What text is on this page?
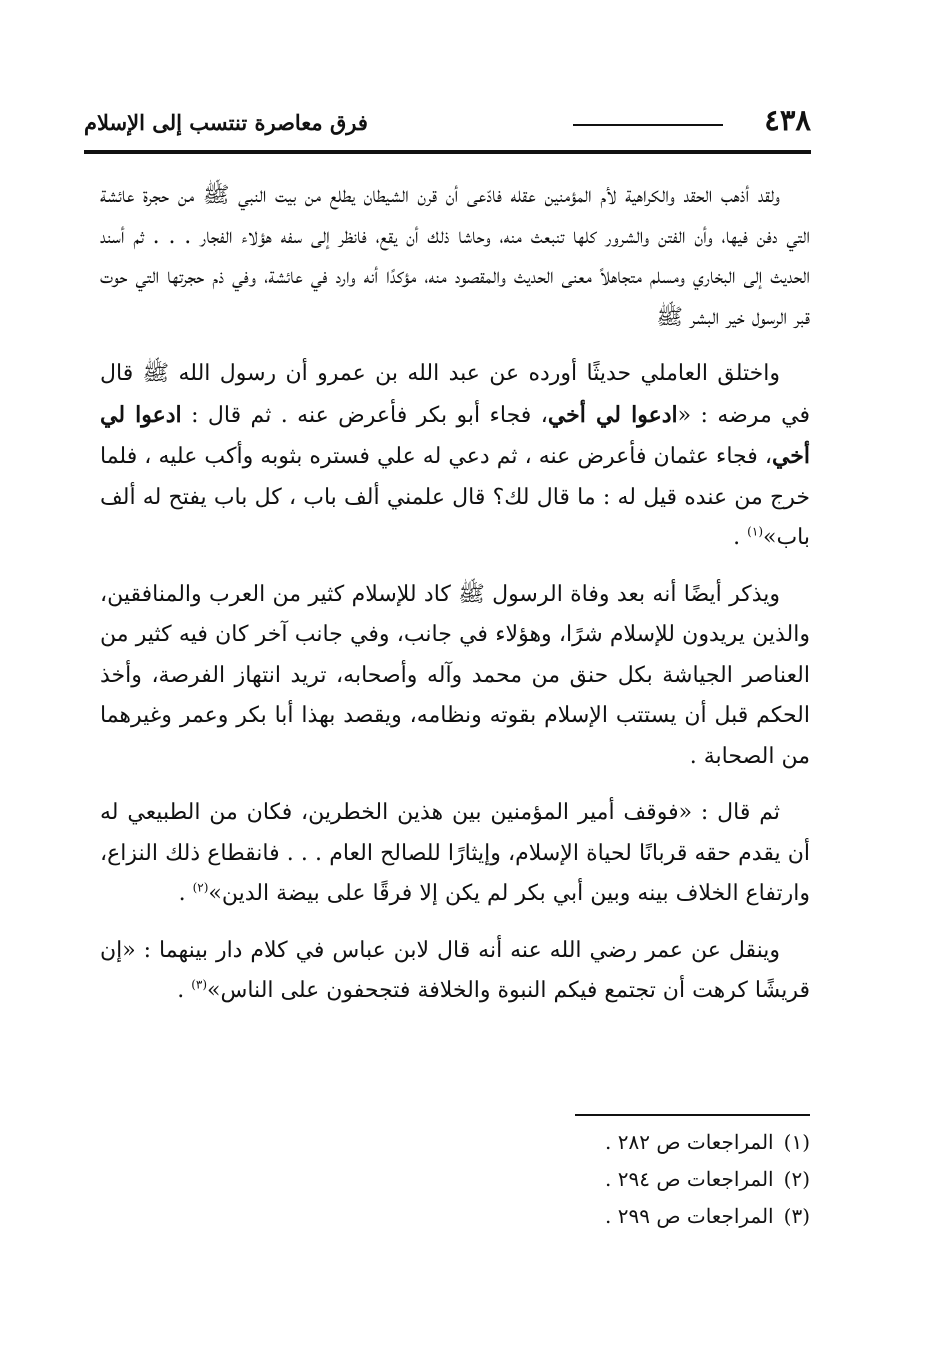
٤٣٨
فرق معاصرة تنتسب إلى الإسلام

ولقد أذهب الحقد والكراهية لأم المؤمنين عقله فادّعى أن قرن الشيطان يطلع من بيت النبي ﷺ من حجرة عائشة التي دفن فيها، وأن الفتن والشرور كلها تنبعث منه، وحاشا ذلك أن يقع، فانظر إلى سفه هؤلاء الفجار . . . ثم أسند الحديث إلى البخاري ومسلم متجاهلاً معنى الحديث والمقصود منه، مؤكدًا أنه وارد في عائشة، وفي ذم حجرتها التي حوت قبر الرسول خير البشر ﷺ

واختلق العاملي حديثًا أورده عن عبد الله بن عمرو أن رسول الله ﷺ قال في مرضه : «ادعوا لي أخي، فجاء أبو بكر فأعرض عنه . ثم قال : ادعوا لي أخي، فجاء عثمان فأعرض عنه ، ثم دعي له علي فستره بثوبه وأكب عليه ، فلما خرج من عنده قيل له : ما قال لك؟ قال علمني ألف باب ، كل باب يفتح له ألف باب»$^{(١)}$ .

ويذكر أيضًا أنه بعد وفاة الرسول ﷺ كاد للإسلام كثير من العرب والمنافقين، والذين يريدون للإسلام شرًا، وهؤلاء في جانب، وفي جانب آخر كان فيه كثير من العناصر الجياشة بكل حنق من محمد وآله وأصحابه، تريد انتهاز الفرصة، وأخذ الحكم قبل أن يستتب الإسلام بقوته ونظامه، ويقصد بهذا أبا بكر وعمر وغيرهما من الصحابة .

ثم قال : «فوقف أمير المؤمنين بين هذين الخطرين، فكان من الطبيعي له أن يقدم حقه قربانًا لحياة الإسلام، وإيثارًا للصالح العام . . . فانقطاع ذلك النزاع، وارتفاع الخلاف بينه وبين أبي بكر لم يكن إلا فرقًا على بيضة الدين»$^{(٢)}$ .

وينقل عن عمر رضي الله عنه أنه قال لابن عباس في كلام دار بينهما : «إن قريشًا كرهت أن تجتمع فيكم النبوة والخلافة فتجحفون على الناس»$^{(٣)}$ .

(١)المراجعات ص ٢٨٢ .
(٢)المراجعات ص ٢٩٤ .
(٣)المراجعات ص ٢٩٩ .
